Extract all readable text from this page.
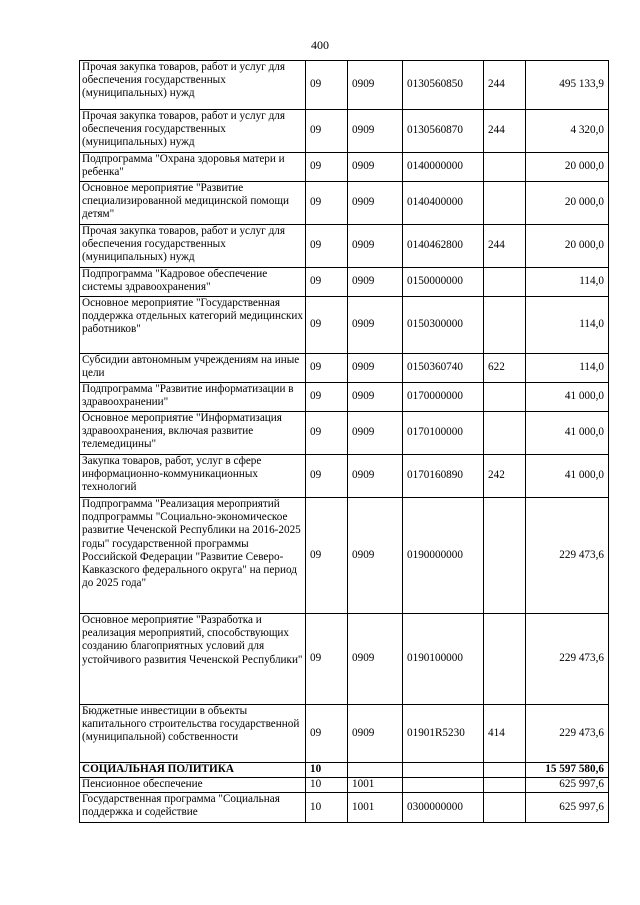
400
Прочая закупка товаров, работ и услуг для обеспечения государственных (муниципальных) нужд	09	0909	0130560850	244	495 133,9
Прочая закупка товаров, работ и услуг для обеспечения государственных (муниципальных) нужд	09	0909	0130560870	244	4 320,0
Подпрограмма "Охрана здоровья матери и ребенка"	09	0909	0140000000		20 000,0
Основное мероприятие "Развитие специализированной медицинской помощи детям"	09	0909	0140400000		20 000,0
Прочая закупка товаров, работ и услуг для обеспечения государственных (муниципальных) нужд	09	0909	0140462800	244	20 000,0
Подпрограмма "Кадровое обеспечение системы здравоохранения"	09	0909	0150000000		114,0
Основное мероприятие "Государственная поддержка отдельных категорий медицинских работников"	09	0909	0150300000		114,0
Субсидии автономным учреждениям на иные цели	09	0909	0150360740	622	114,0
Подпрограмма "Развитие информатизации в здравоохранении"	09	0909	0170000000		41 000,0
Основное мероприятие "Информатизация здравоохранения, включая развитие телемедицины"	09	0909	0170100000		41 000,0
Закупка товаров, работ, услуг в сфере информационно-коммуникационных технологий	09	0909	0170160890	242	41 000,0
Подпрограмма "Реализация мероприятий подпрограммы "Социально-экономическое развитие Чеченской Республики на 2016-2025 годы" государственной программы Российской Федерации "Развитие Северо-Кавказского федерального округа" на период до 2025 года"	09	0909	0190000000		229 473,6
Основное мероприятие "Разработка и реализация мероприятий, способствующих созданию благоприятных условий для устойчивого развития Чеченской Республики"	09	0909	0190100000		229 473,6
Бюджетные инвестиции в объекты капитального строительства государственной (муниципальной) собственности	09	0909	01901R5230	414	229 473,6
СОЦИАЛЬНАЯ ПОЛИТИКА	10				15 597 580,6
Пенсионное обеспечение	10	1001			625 997,6
Государственная программа "Социальная поддержка и содействие	10	1001	0300000000		625 997,6
